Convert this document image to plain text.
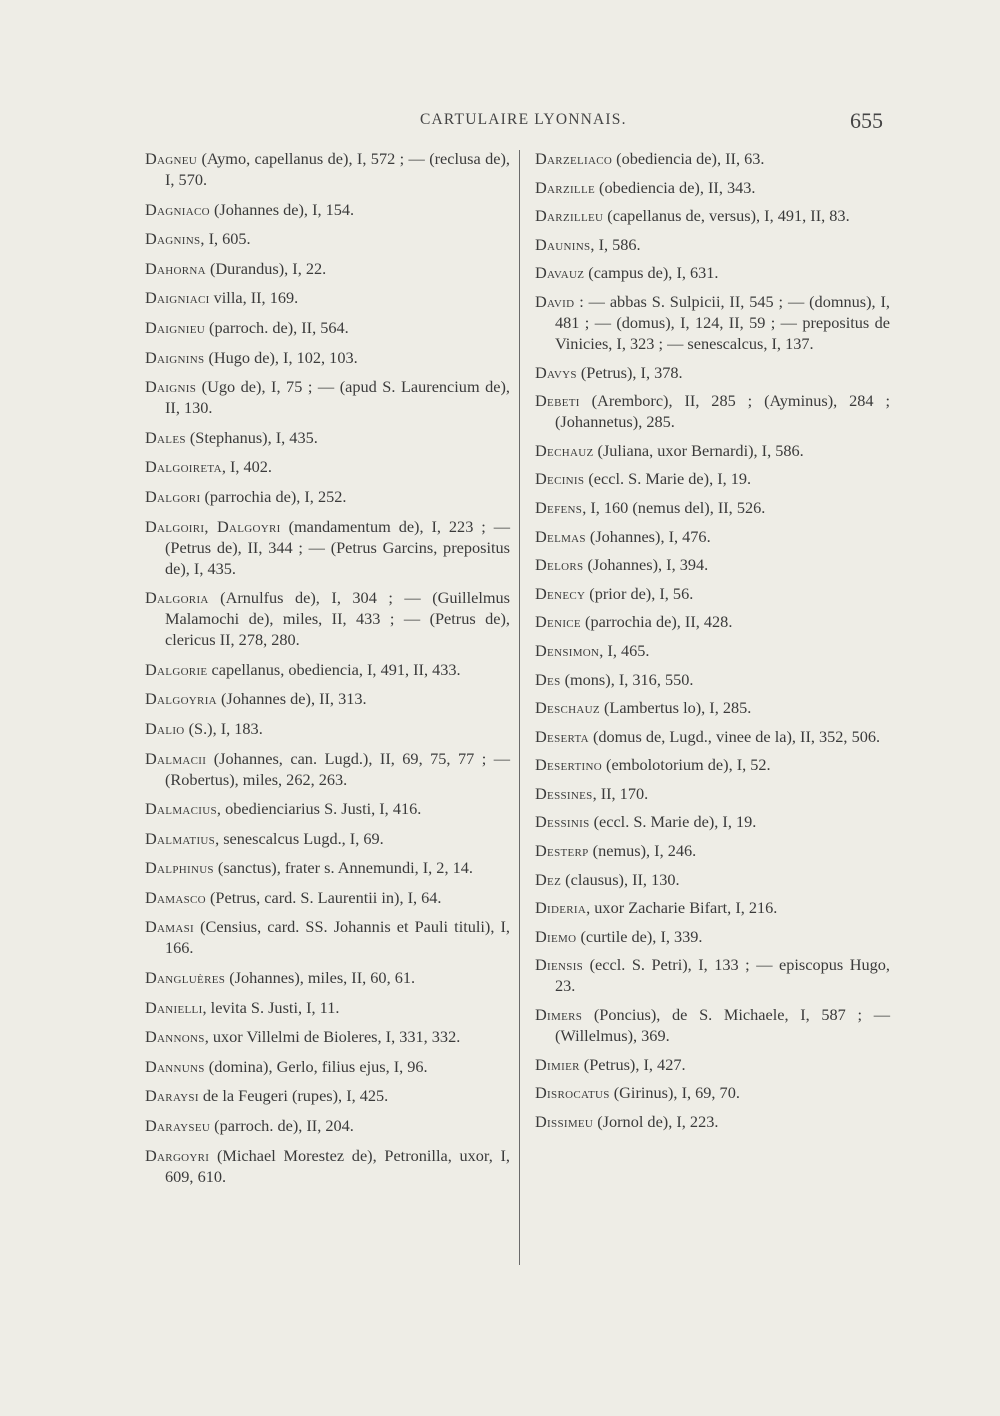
CARTULAIRE LYONNAIS.	655

Dagneu (Aymo, capellanus de), I, 572 ; — (reclusa de), I, 570.

Dagniaco (Johannes de), I, 154.

Dagnins, I, 605.

Dahorna (Durandus), I, 22.

Daigniaci villa, II, 169.

Daignieu (parroch. de), II, 564.

Daignins (Hugo de), I, 102, 103.

Daignis (Ugo de), I, 75 ; — (apud S. Laurencium de), II, 130.

Dales (Stephanus), I, 435.

Dalgoireta, I, 402.

Dalgori (parrochia de), I, 252.

Dalgoiri, Dalgoyri (mandamentum de), I, 223 ; — (Petrus de), II, 344 ; — (Petrus Garcins, prepositus de), I, 435.

Dalgoria (Arnulfus de), I, 304 ; — (Guillelmus Malamochi de), miles, II, 433 ; — (Petrus de), clericus II, 278, 280.

Dalgorie capellanus, obediencia, I, 491, II, 433.

Dalgoyria (Johannes de), II, 313.

Dalio (S.), I, 183.

Dalmacii (Johannes, can. Lugd.), II, 69, 75, 77 ; — (Robertus), miles, 262, 263.

Dalmacius, obedienciarius S. Justi, I, 416.

Dalmatius, senescalcus Lugd., I, 69.

Dalphinus (sanctus), frater s. Annemundi, I, 2, 14.

Damasco (Petrus, card. S. Laurentii in), I, 64.

Damasi (Censius, card. SS. Johannis et Pauli tituli), I, 166.

Dangluères (Johannes), miles, II, 60, 61.

Danielli, levita S. Justi, I, 11.

Dannons, uxor Villelmi de Bioleres, I, 331, 332.

Dannuns (domina), Gerlo, filius ejus, I, 96.

Daraysi de la Feugeri (rupes), I, 425.

Darayseu (parroch. de), II, 204.

Dargoyri (Michael Morestez de), Petronilla, uxor, I, 609, 610.

Darzeliaco (obediencia de), II, 63.

Darzille (obediencia de), II, 343.

Darzilleu (capellanus de, versus), I, 491, II, 83.

Daunins, I, 586.

Davauz (campus de), I, 631.

David : — abbas S. Sulpicii, II, 545 ; — (domnus), I, 481 ; — (domus), I, 124, II, 59 ; — prepositus de Vinicies, I, 323 ; — senescalcus, I, 137.

Davys (Petrus), I, 378.

Debeti (Aremborc), II, 285 ; (Ayminus), 284 ; (Johannetus), 285.

Dechauz (Juliana, uxor Bernardi), I, 586.

Decinis (eccl. S. Marie de), I, 19.

Defens, I, 160 (nemus del), II, 526.

Delmas (Johannes), I, 476.

Delors (Johannes), I, 394.

Denecy (prior de), I, 56.

Denice (parrochia de), II, 428.

Densimon, I, 465.

Des (mons), I, 316, 550.

Deschauz (Lambertus lo), I, 285.

Deserta (domus de, Lugd., vinee de la), II, 352, 506.

Desertino (embolotorium de), I, 52.

Dessines, II, 170.

Dessinis (eccl. S. Marie de), I, 19.

Desterp (nemus), I, 246.

Dez (clausus), II, 130.

Dideria, uxor Zacharie Bifart, I, 216.

Diemo (curtile de), I, 339.

Diensis (eccl. S. Petri), I, 133 ; — episcopus Hugo, 23.

Dimers (Poncius), de S. Michaele, I, 587 ; — (Willelmus), 369.

Dimier (Petrus), I, 427.

Disrocatus (Girinus), I, 69, 70.

Dissimeu (Jornol de), I, 223.
